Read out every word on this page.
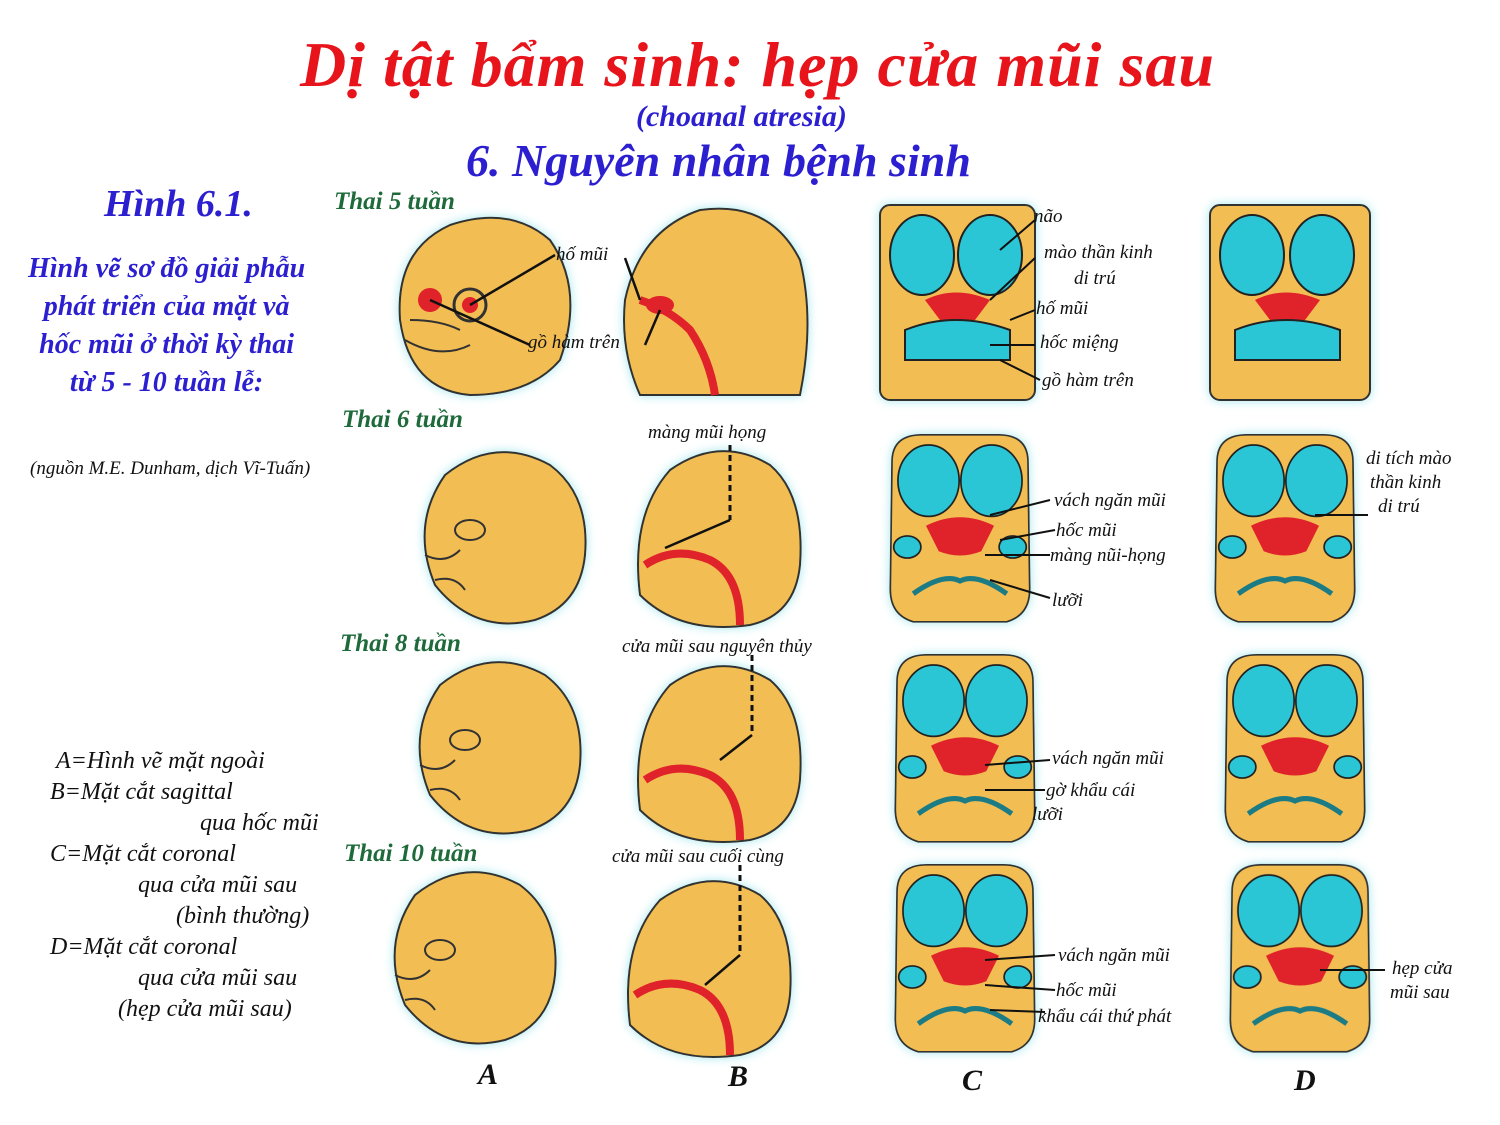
Dị tật bẩm sinh: hẹp cửa mũi sau
(choanal atresia)
6. Nguyên nhân bệnh sinh
Hình 6.1.
Hình vẽ sơ đồ giải phẫu
phát triển của mặt và
hốc mũi ở thời kỳ thai
từ 5 - 10 tuần lễ:
(nguồn M.E. Dunham, dịch Vĩ-Tuấn)
Thai 5 tuần
Thai 6 tuần
Thai 8 tuần
Thai 10 tuần
hố mũi
gồ hàm trên
não
mào thần kinh
di trú
hố mũi
hốc miệng
gồ hàm trên
màng mũi họng
vách ngăn mũi
hốc mũi
màng nũi-họng
lưỡi
di tích mào
thần kinh
di trú
cửa mũi sau nguyên thủy
vách ngăn mũi
gờ khẩu cái
lưỡi
cửa mũi sau cuối cùng
vách ngăn mũi
hốc mũi
khẩu cái thứ phát
hẹp cửa
mũi sau
A=Hình vẽ mặt ngoài
B=Mặt cắt sagittal
qua hốc mũi
C=Mặt cắt coronal
qua cửa mũi sau
(bình thường)
D=Mặt cắt coronal
qua cửa mũi sau
(hẹp cửa mũi sau)
A	B	C	D
